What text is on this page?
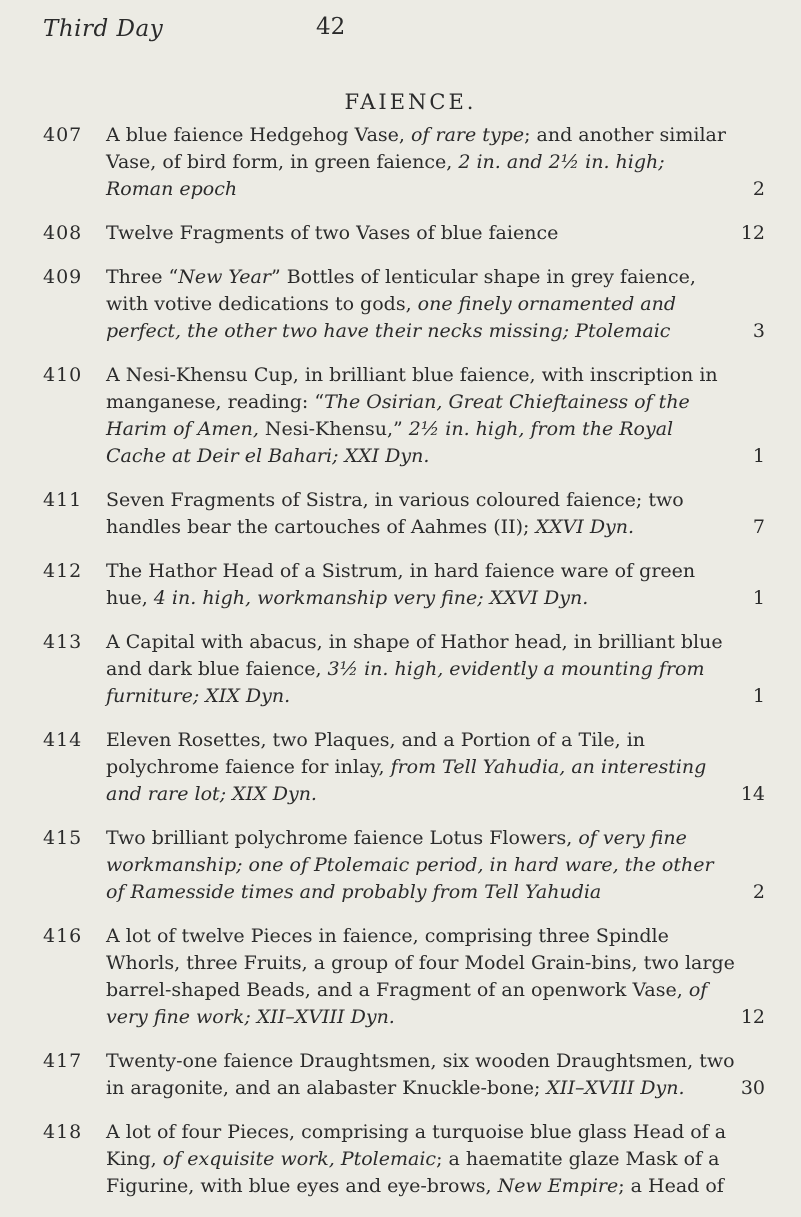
Third Day	42
FAIENCE.
407	A blue faience Hedgehog Vase, of rare type; and another similar Vase, of bird form, in green faience, 2 in. and 2½ in. high; Roman epoch	2
408	Twelve Fragments of two Vases of blue faience	12
409	Three “New Year” Bottles of lenticular shape in grey faience, with votive dedications to gods, one finely ornamented and perfect, the other two have their necks missing; Ptolemaic	3
410	A Nesi-Khensu Cup, in brilliant blue faience, with inscription in manganese, reading: “The Osirian, Great Chieftainess of the Harim of Amen, Nesi-Khensu,” 2½ in. high, from the Royal Cache at Deir el Bahari; XXI Dyn.	1
411	Seven Fragments of Sistra, in various coloured faience; two handles bear the cartouches of Aahmes (II); XXVI Dyn.	7
412	The Hathor Head of a Sistrum, in hard faience ware of green hue, 4 in. high, workmanship very fine; XXVI Dyn.	1
413	A Capital with abacus, in shape of Hathor head, in brilliant blue and dark blue faience, 3½ in. high, evidently a mounting from furniture; XIX Dyn.	1
414	Eleven Rosettes, two Plaques, and a Portion of a Tile, in polychrome faience for inlay, from Tell Yahudia, an interesting and rare lot; XIX Dyn.	14
415	Two brilliant polychrome faience Lotus Flowers, of very fine workmanship; one of Ptolemaic period, in hard ware, the other of Ramesside times and probably from Tell Yahudia	2
416	A lot of twelve Pieces in faience, comprising three Spindle Whorls, three Fruits, a group of four Model Grain-bins, two large barrel-shaped Beads, and a Fragment of an openwork Vase, of very fine work; XII–XVIII Dyn.	12
417	Twenty-one faience Draughtsmen, six wooden Draughtsmen, two in aragonite, and an alabaster Knuckle-bone; XII–XVIII Dyn.	30
418	A lot of four Pieces, comprising a turquoise blue glass Head of a King, of exquisite work, Ptolemaic; a haematite glaze Mask of a Figurine, with blue eyes and eye-brows, New Empire; a Head of
